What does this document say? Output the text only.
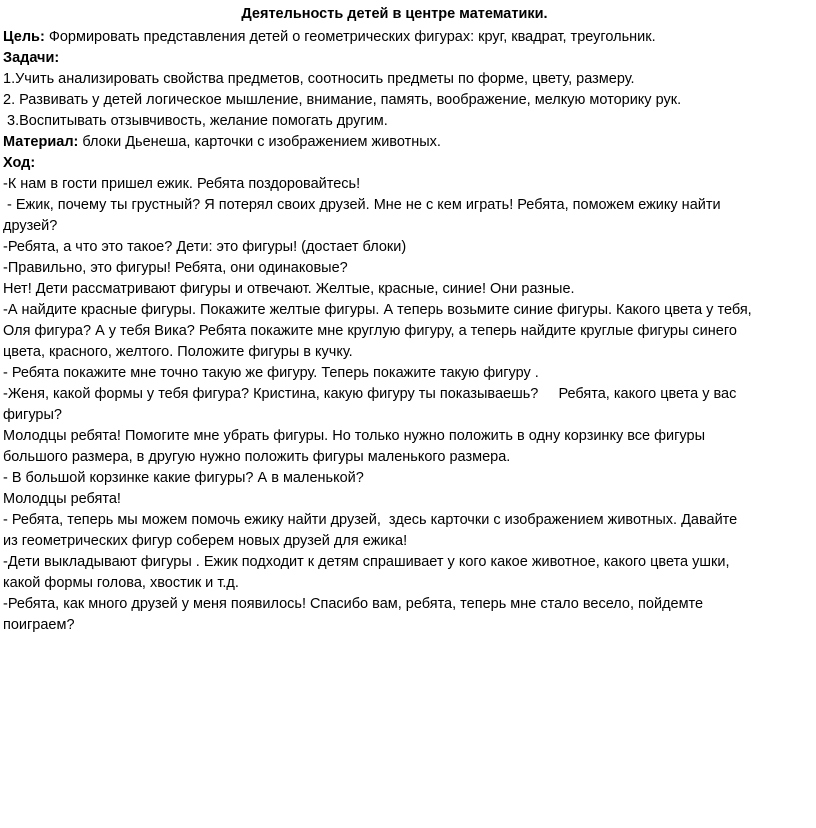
Деятельность детей в центре математики.

Цель: Формировать представления детей о геометрических фигурах: круг, квадрат, треугольник.

Задачи:

1.Учить анализировать свойства предметов, соотносить предметы по форме, цвету, размеру.

2. Развивать у детей логическое мышление, внимание, память, воображение, мелкую моторику рук.

3.Воспитывать отзывчивость, желание помогать другим.

Материал: блоки Дьенеша, карточки с изображением животных.

Ход:

-К нам в гости пришел ежик. Ребята поздоровайтесь!

- Ежик, почему ты грустный? Я потерял своих друзей. Мне не с кем играть! Ребята, поможем ежику найти

друзей?

-Ребята, а что это такое? Дети: это фигуры! (достает блоки)

-Правильно, это фигуры! Ребята, они одинаковые?

Нет! Дети рассматривают фигуры и отвечают. Желтые, красные, синие! Они разные.

-А найдите красные фигуры. Покажите желтые фигуры. А теперь возьмите синие фигуры. Какого цвета у тебя,

Оля фигура? А у тебя Вика? Ребята покажите мне круглую фигуру, а теперь найдите круглые фигуры синего

цвета, красного, желтого. Положите фигуры в кучку.

- Ребята покажите мне точно такую же фигуру. Теперь покажите такую фигуру .

-Женя, какой формы у тебя фигура? Кристина, какую фигуру ты показываешь?     Ребята, какого цвета у вас

фигуры?

Молодцы ребята! Помогите мне убрать фигуры. Но только нужно положить в одну корзинку все фигуры

большого размера, в другую нужно положить фигуры маленького размера.

- В большой корзинке какие фигуры? А в маленькой?

Молодцы ребята!

- Ребята, теперь мы можем помочь ежику найти друзей,  здесь карточки с изображением животных. Давайте

из геометрических фигур соберем новых друзей для ежика!

-Дети выкладывают фигуры . Ежик подходит к детям спрашивает у кого какое животное, какого цвета ушки,

какой формы голова, хвостик и т.д.

-Ребята, как много друзей у меня появилось! Спасибо вам, ребята, теперь мне стало весело, пойдемте

поиграем?
